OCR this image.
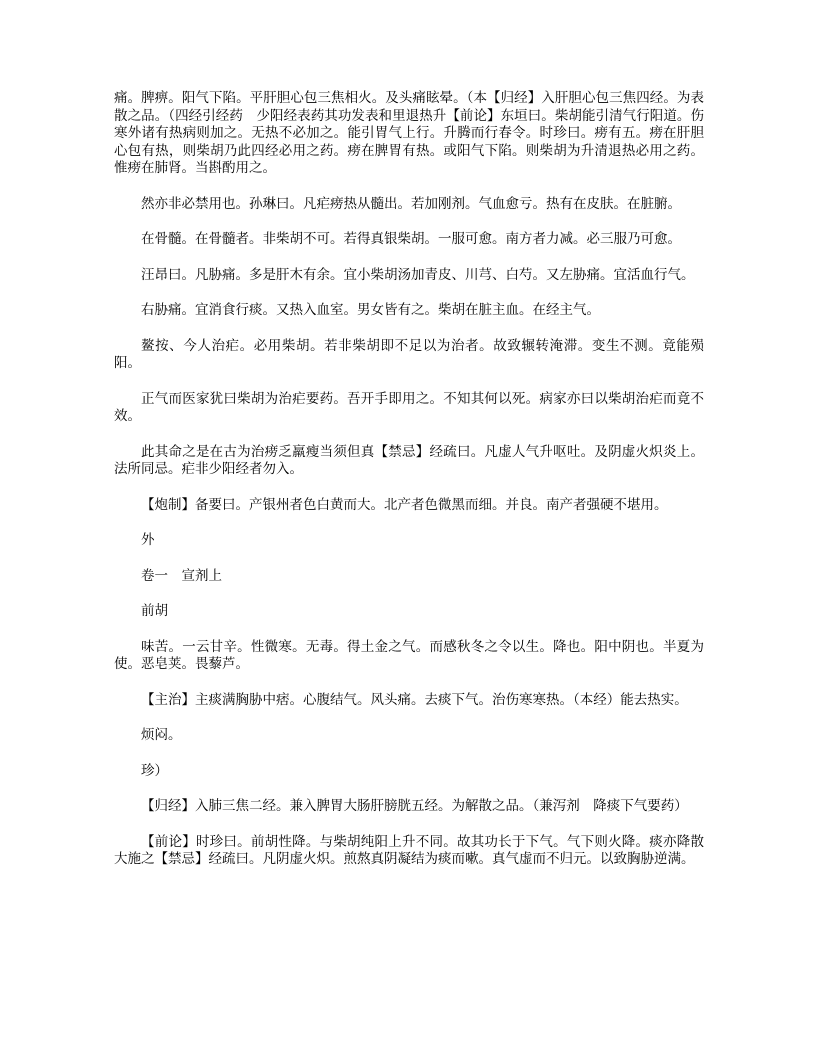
痛。脾痹。阳气下陷。平肝胆心包三焦相火。及头痛眩晕。（本【归经】入肝胆心包三焦四经。为表散之品。（四经引经药　少阳经表药其功发表和里退热升【前论】东垣曰。柴胡能引清气行阳道。伤寒外诸有热病则加之。无热不必加之。能引胃气上行。升腾而行春令。时珍曰。痨有五。痨在肝胆心包有热，则柴胡乃此四经必用之药。痨在脾胃有热。或阳气下陷。则柴胡为升清退热必用之药。惟痨在肺肾。当斟酌用之。

然亦非必禁用也。孙琳曰。凡疟痨热从髓出。若加刚剂。气血愈亏。热有在皮肤。在脏腑。

在骨髓。在骨髓者。非柴胡不可。若得真银柴胡。一服可愈。南方者力减。必三服乃可愈。

汪昂曰。凡胁痛。多是肝木有余。宜小柴胡汤加青皮、川芎、白芍。又左胁痛。宜活血行气。

右胁痛。宜消食行痰。又热入血室。男女皆有之。柴胡在脏主血。在经主气。

鳌按、今人治疟。必用柴胡。若非柴胡即不足以为治者。故致辗转淹滞。变生不测。竟能殒阳。

正气而医家犹曰柴胡为治疟要药。吾开手即用之。不知其何以死。病家亦曰以柴胡治疟而竟不效。

此其命之是在古为治痨乏羸瘦当须但真【禁忌】经疏曰。凡虚人气升呕吐。及阴虚火炽炎上。法所同忌。疟非少阳经者勿入。

【炮制】备要曰。产银州者色白黄而大。北产者色微黑而细。并良。南产者强硬不堪用。

外

卷一　宣剂上

前胡

味苦。一云甘辛。性微寒。无毒。得土金之气。而感秋冬之令以生。降也。阳中阴也。半夏为使。恶皂荚。畏藜芦。

【主治】主痰满胸胁中痞。心腹结气。风头痛。去痰下气。治伤寒寒热。（本经）能去热实。

烦闷。

珍）

【归经】入肺三焦二经。兼入脾胃大肠肝膀胱五经。为解散之品。（兼泻剂　降痰下气要药）

【前论】时珍曰。前胡性降。与柴胡纯阳上升不同。故其功长于下气。气下则火降。痰亦降散大施之【禁忌】经疏曰。凡阴虚火炽。煎熬真阴凝结为痰而嗽。真气虚而不归元。以致胸胁逆满。
